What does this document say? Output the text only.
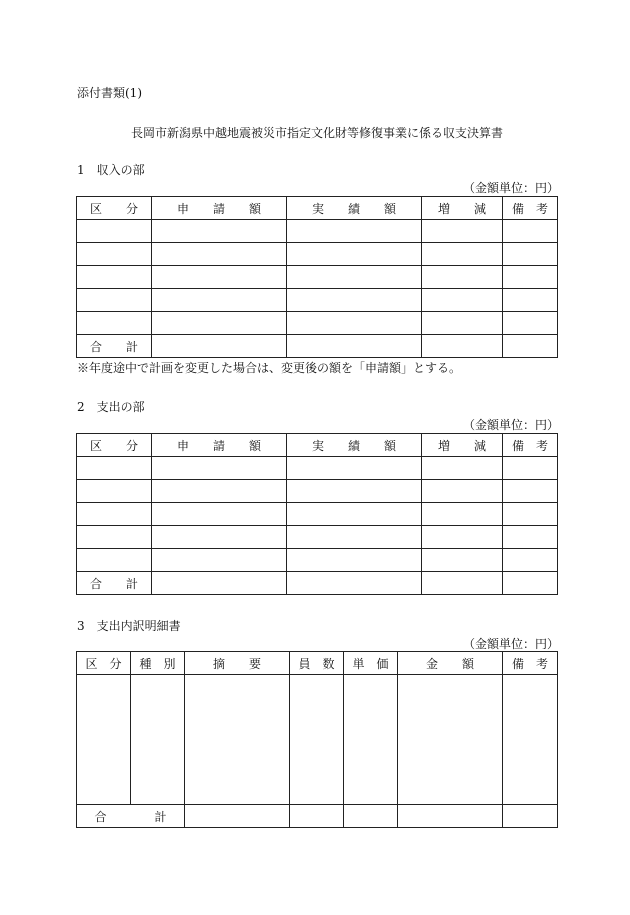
添付書類(1)
長岡市新潟県中越地震被災市指定文化財等修復事業に係る収支決算書
1　収入の部
（金額単位：円）
区　　分	申　　請　　額	実　　績　　額	増　　減	備　考

合　　計				
※年度途中で計画を変更した場合は、変更後の額を「申請額」とする。
2　支出の部
（金額単位：円）
区　　分	申　　請　　額	実　　績　　額	増　　減	備　考

合　　計				
3　支出内訳明細書
（金額単位：円）
区　分	種　別	摘　　要	員　数	単　価	金　　額	備　考

合　　　　計						
